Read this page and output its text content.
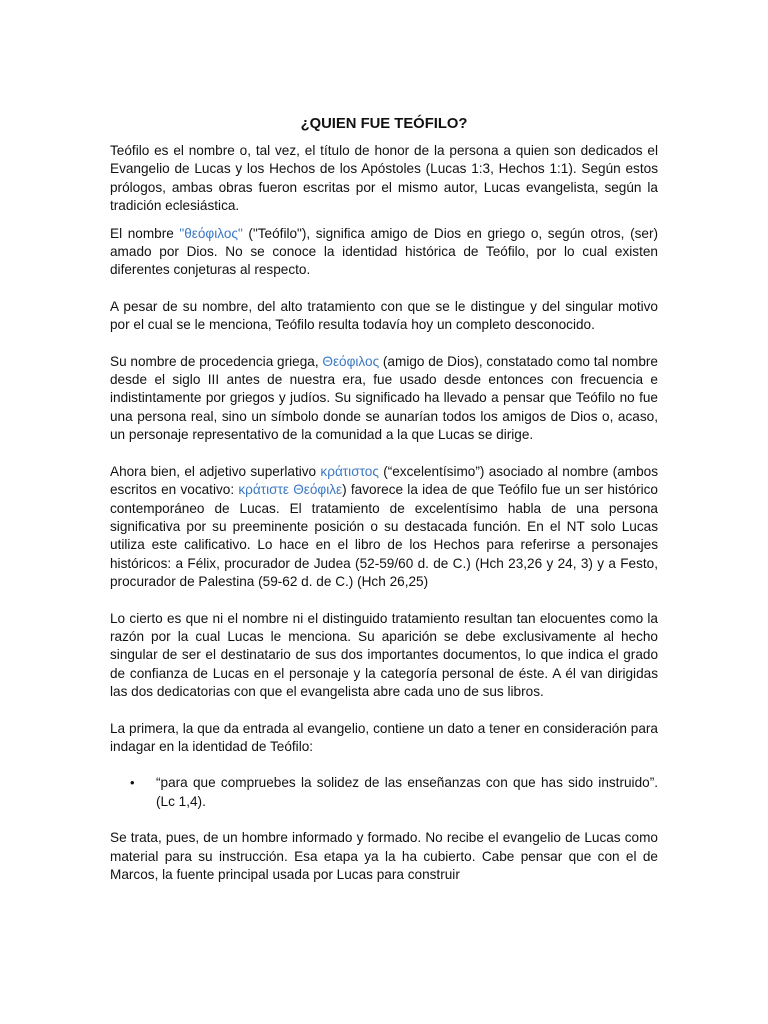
¿QUIEN FUE TEÓFILO?

Teófilo es el nombre o, tal vez, el título de honor de la persona a quien son dedicados el Evangelio de Lucas y los Hechos de los Apóstoles (Lucas 1:3, Hechos 1:1). Según estos prólogos, ambas obras fueron escritas por el mismo autor, Lucas evangelista, según la tradición eclesiástica.

El nombre "θεόφιλος" ("Teófilo"), significa amigo de Dios en griego o, según otros, (ser) amado por Dios. No se conoce la identidad histórica de Teófilo, por lo cual existen diferentes conjeturas al respecto.

A pesar de su nombre, del alto tratamiento con que se le distingue y del singular motivo por el cual se le menciona, Teófilo resulta todavía hoy un completo desconocido.

Su nombre de procedencia griega, Θεόφιλος (amigo de Dios), constatado como tal nombre desde el siglo III antes de nuestra era, fue usado desde entonces con frecuencia e indistintamente por griegos y judíos. Su significado ha llevado a pensar que Teófilo no fue una persona real, sino un símbolo donde se aunarían todos los amigos de Dios o, acaso, un personaje representativo de la comunidad a la que Lucas se dirige.

Ahora bien, el adjetivo superlativo κράτιστος (“excelentísimo”) asociado al nombre (ambos escritos en vocativo: κράτιστε Θεόφιλε) favorece la idea de que Teófilo fue un ser histórico contemporáneo de Lucas. El tratamiento de excelentísimo habla de una persona significativa por su preeminente posición o su destacada función. En el NT solo Lucas utiliza este calificativo. Lo hace en el libro de los Hechos para referirse a personajes históricos: a Félix, procurador de Judea (52-59/60 d. de C.) (Hch 23,26 y 24, 3) y a Festo, procurador de Palestina (59-62 d. de C.) (Hch 26,25)

Lo cierto es que ni el nombre ni el distinguido tratamiento resultan tan elocuentes como la razón por la cual Lucas le menciona. Su aparición se debe exclusivamente al hecho singular de ser el destinatario de sus dos importantes documentos, lo que indica el grado de confianza de Lucas en el personaje y la categoría personal de éste. A él van dirigidas las dos dedicatorias con que el evangelista abre cada uno de sus libros.

La primera, la que da entrada al evangelio, contiene un dato a tener en consideración para indagar en la identidad de Teófilo:

• “para que compruebes la solidez de las enseñanzas con que has sido instruido”. (Lc 1,4).

Se trata, pues, de un hombre informado y formado. No recibe el evangelio de Lucas como material para su instrucción. Esa etapa ya la ha cubierto. Cabe pensar que con el de Marcos, la fuente principal usada por Lucas para construir
